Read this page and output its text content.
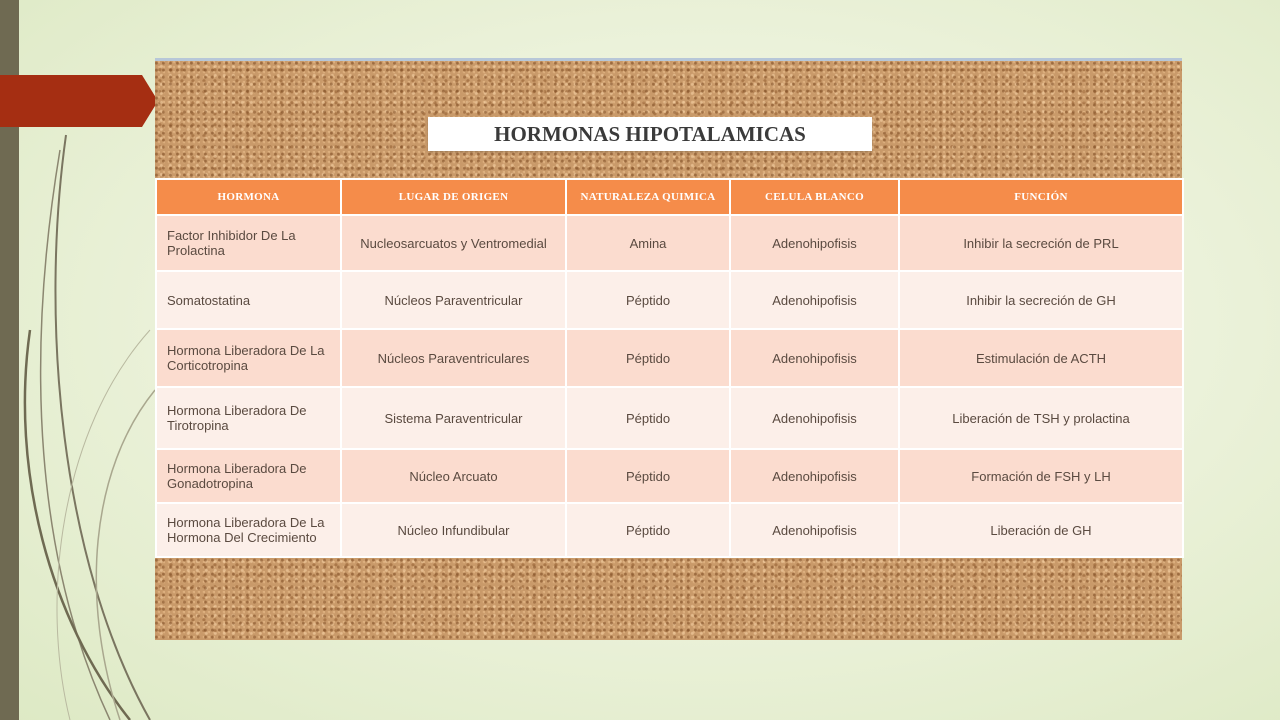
HORMONAS HIPOTALAMICAS
HORMONA	LUGAR DE ORIGEN	NATURALEZA QUIMICA	CELULA BLANCO	FUNCIÓN
Factor Inhibidor De La Prolactina	Nucleosarcuatos y Ventromedial	Amina	Adenohipofisis	Inhibir la secreción de PRL
Somatostatina	Núcleos Paraventricular	Péptido	Adenohipofisis	Inhibir la secreción de GH
Hormona Liberadora De La Corticotropina	Núcleos Paraventriculares	Péptido	Adenohipofisis	Estimulación de ACTH
Hormona Liberadora De Tirotropina	Sistema Paraventricular	Péptido	Adenohipofisis	Liberación de TSH y prolactina
Hormona Liberadora De Gonadotropina	Núcleo Arcuato	Péptido	Adenohipofisis	Formación de FSH y LH
Hormona Liberadora De La Hormona Del Crecimiento	Núcleo Infundibular	Péptido	Adenohipofisis	Liberación de GH
